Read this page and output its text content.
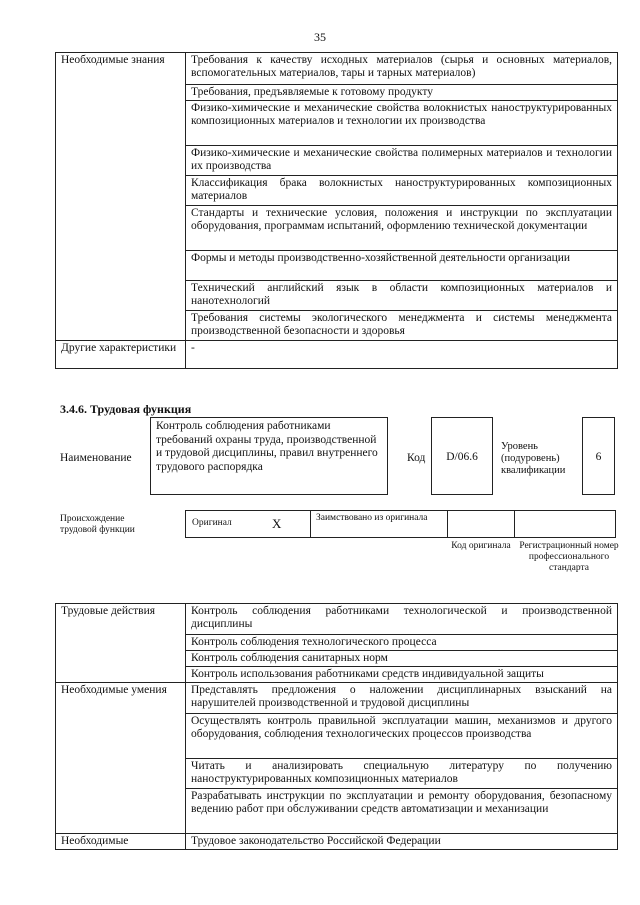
35
Необходимые знания	Требования к качеству исходных материалов (сырья и основных материалов, вспомогательных материалов, тары и тарных материалов)
	Требования, предъявляемые к готовому продукту
	Физико-химические и механические свойства волокнистых наноструктурированных композиционных материалов и технологии их производства
	Физико-химические и механические свойства полимерных материалов и технологии их производства
	Классификация брака волокнистых наноструктурированных композиционных материалов
	Стандарты и технические условия, положения и инструкции по эксплуатации оборудования, программам испытаний, оформлению технической документации
	Формы и методы производственно-хозяйственной деятельности организации
	Технический английский язык в области композиционных материалов и нанотехнологий
	Требования системы экологического менеджмента и системы менеджмента производственной безопасности и здоровья
Другие характеристики	-
3.4.6. Трудовая функция
Наименование
Контроль соблюдения работниками требований охраны труда, производственной и трудовой дисциплины, правил внутреннего трудового распорядка
Код	D/06.6
Уровень (подуровень) квалификации
6
Происхождение трудовой функции
Оригинал	X	Заимствовано из оригинала
Код оригинала Регистрационный номер профессионального стандарта
Трудовые действия	Контроль соблюдения работниками технологической и производственной дисциплины
	Контроль соблюдения технологического процесса
	Контроль соблюдения санитарных норм
	Контроль использования работниками средств индивидуальной защиты
Необходимые умения	Представлять предложения о наложении дисциплинарных взысканий на нарушителей производственной и трудовой дисциплины
	Осуществлять контроль правильной эксплуатации машин, механизмов и другого оборудования, соблюдения технологических процессов производства
	Читать и анализировать специальную литературу по получению наноструктурированных композиционных материалов
	Разрабатывать инструкции по эксплуатации и ремонту оборудования, безопасному ведению работ при обслуживании средств автоматизации и механизации
Необходимые	Трудовое законодательство Российской Федерации
